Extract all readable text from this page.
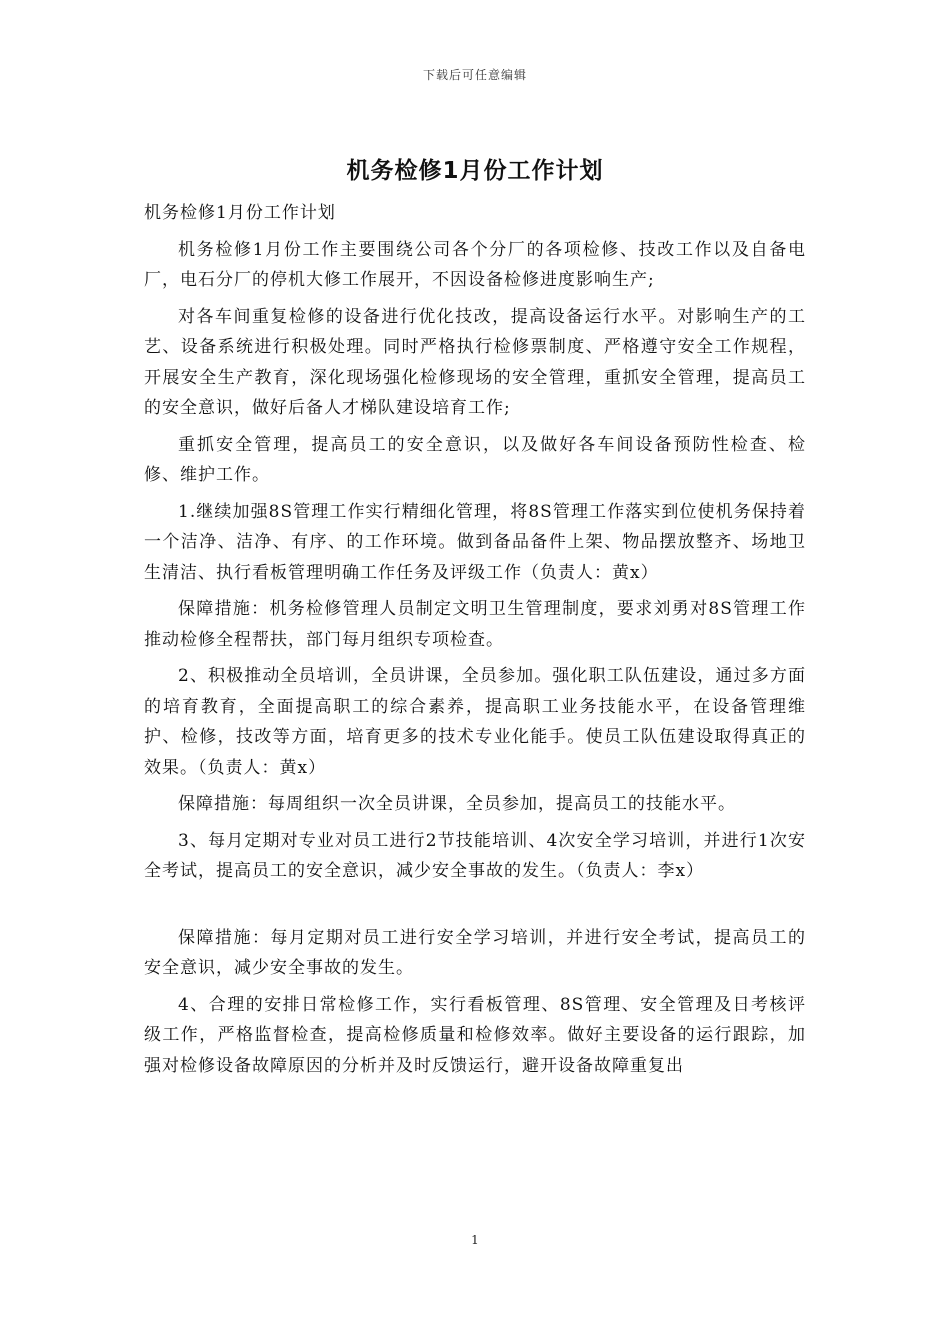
下载后可任意编辑
机务检修1月份工作计划

机务检修1月份工作计划

机务检修1月份工作主要围绕公司各个分厂的各项检修、技改工作以及自备电厂，电石分厂的停机大修工作展开，不因设备检修进度影响生产;

对各车间重复检修的设备进行优化技改，提高设备运行水平。对影响生产的工艺、设备系统进行积极处理。同时严格执行检修票制度、严格遵守安全工作规程，开展安全生产教育，深化现场强化检修现场的安全管理，重抓安全管理，提高员工的安全意识，做好后备人才梯队建设培育工作;

重抓安全管理，提高员工的安全意识，以及做好各车间设备预防性检查、检修、维护工作。

1.继续加强8S管理工作实行精细化管理，将8S管理工作落实到位使机务保持着一个洁净、洁净、有序、的工作环境。做到备品备件上架、物品摆放整齐、场地卫生清洁、执行看板管理明确工作任务及评级工作（负责人：黄x）

保障措施：机务检修管理人员制定文明卫生管理制度，要求刘勇对8S管理工作推动检修全程帮扶，部门每月组织专项检查。

2、积极推动全员培训，全员讲课，全员参加。强化职工队伍建设，通过多方面的培育教育，全面提高职工的综合素养，提高职工业务技能水平，在设备管理维护、检修，技改等方面，培育更多的技术专业化能手。使员工队伍建设取得真正的效果。（负责人：黄x）

保障措施：每周组织一次全员讲课，全员参加，提高员工的技能水平。

3、每月定期对专业对员工进行2节技能培训、4次安全学习培训，并进行1次安全考试，提高员工的安全意识，减少安全事故的发生。（负责人：李x）

保障措施：每月定期对员工进行安全学习培训，并进行安全考试，提高员工的安全意识，减少安全事故的发生。

4、合理的安排日常检修工作，实行看板管理、8S管理、安全管理及日考核评级工作，严格监督检查，提高检修质量和检修效率。做好主要设备的运行跟踪，加强对检修设备故障原因的分析并及时反馈运行，避开设备故障重复出

1
